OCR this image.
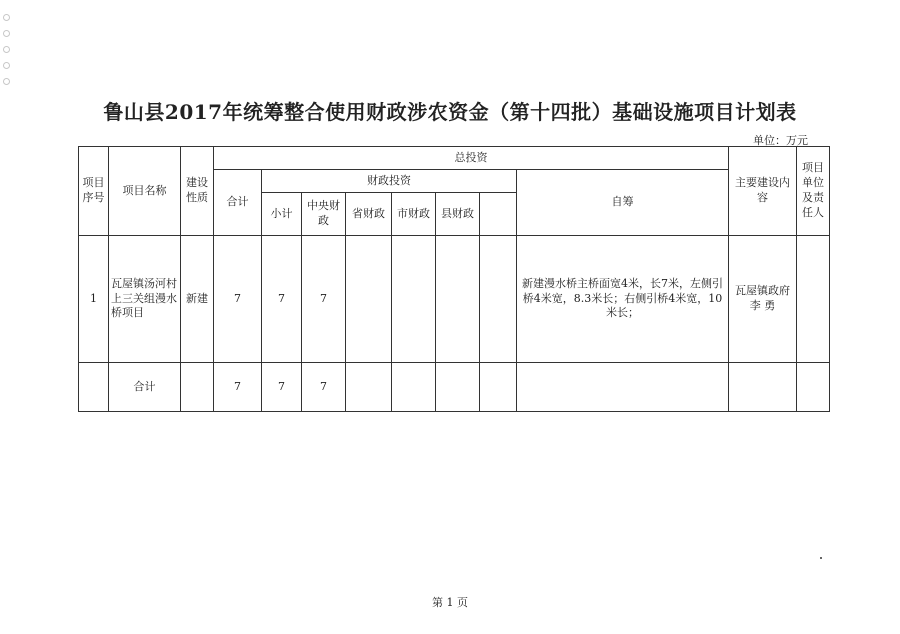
鲁山县2017年统筹整合使用财政涉农资金（第十四批）基础设施项目计划表
单位：万元
项目序号	项目名称	建设性质	总投资								主要建设内容	项目单位及责任人	
			合计	财政投资						自筹			
				小计	中央财政	省财政	市财政	县财政					
1	瓦屋镇汤河村上三关组漫水桥项目	新建	7	7	7					新建漫水桥主桥面宽4米，长7米，左侧引桥4米宽，8.3米长；右侧引桥4米宽，10米长；	瓦屋镇政府李 勇		
	合计		7	7	7								
第 1 页
